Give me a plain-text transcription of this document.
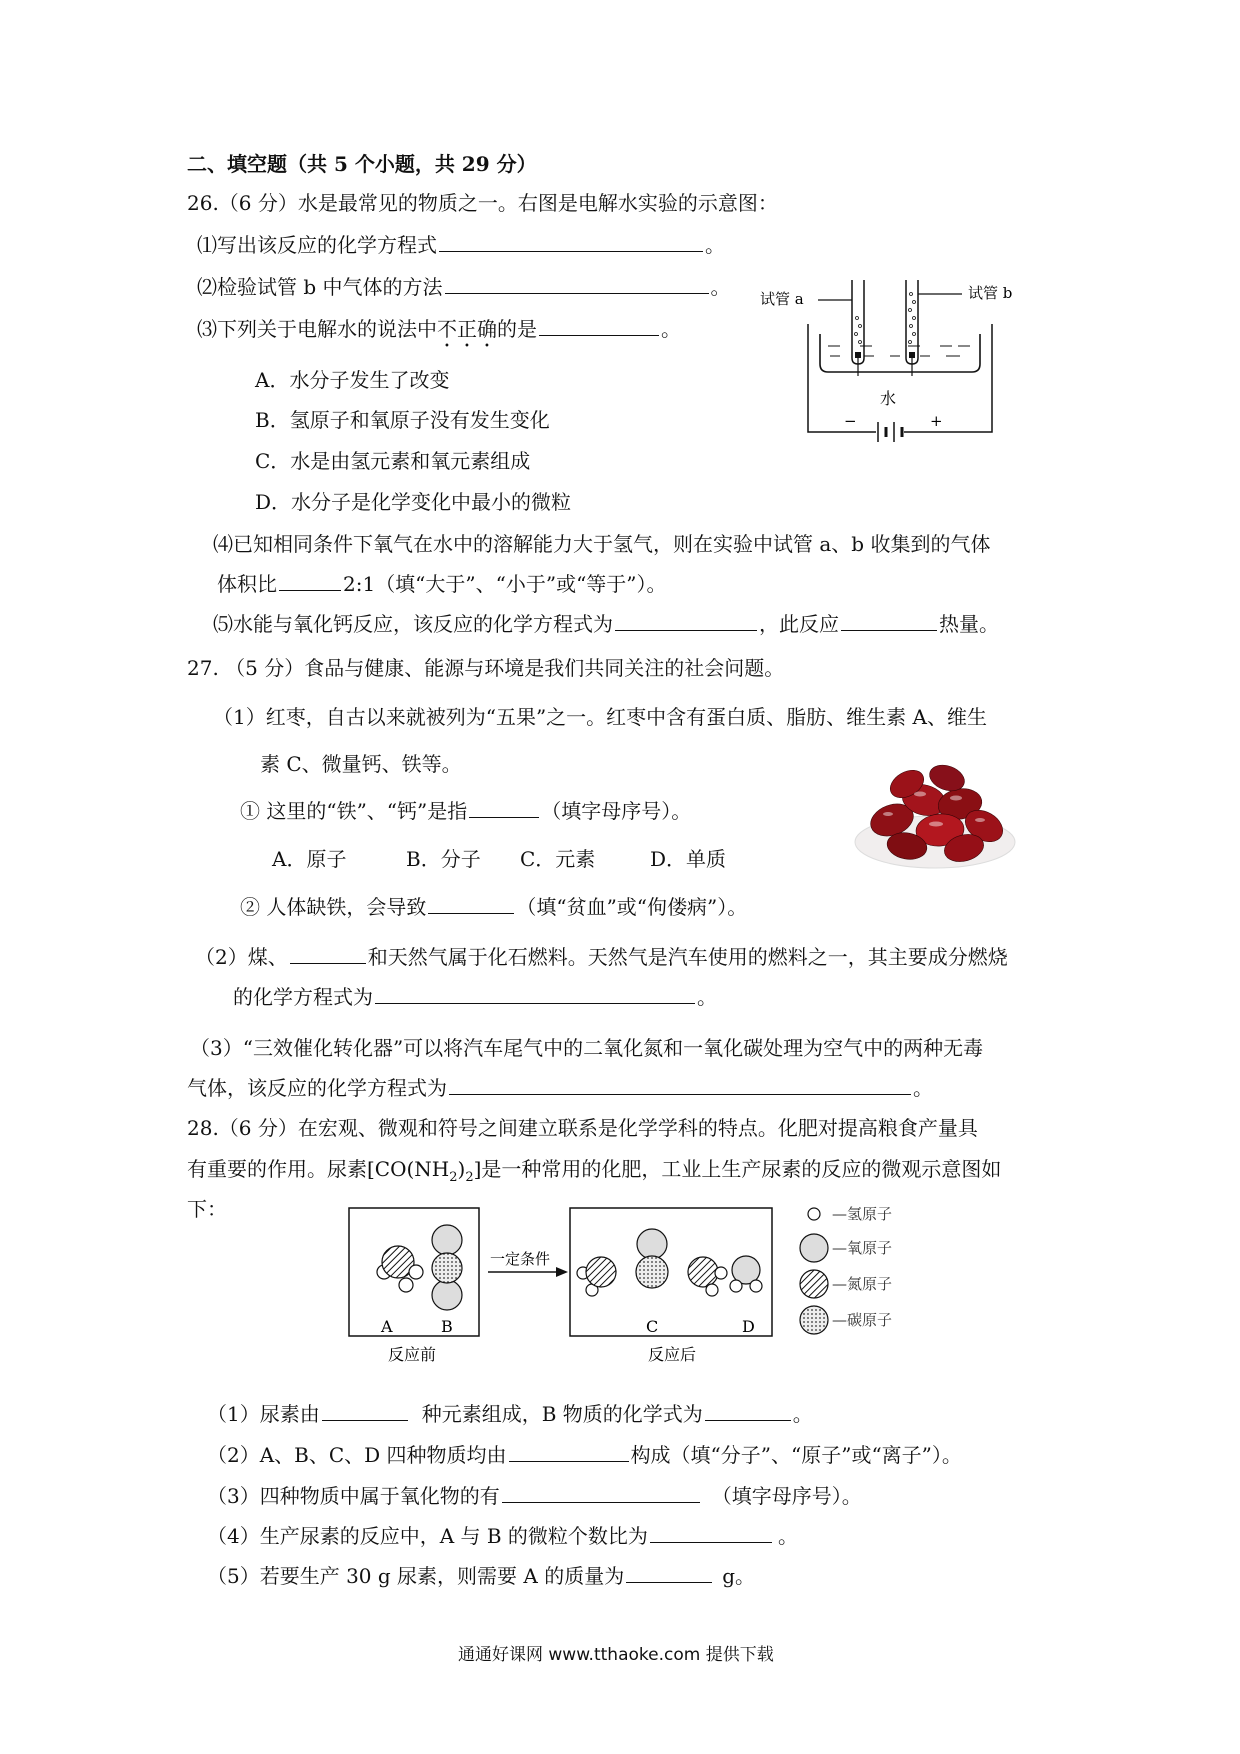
二、填空题（共 5 个小题，共 29 分）
26.（6 分）水是最常见的物质之一。右图是电解水实验的示意图：
⑴写出该反应的化学方程式	。
⑵检验试管 b 中气体的方法	。
⑶下列关于电解水的说法中不正确的是	。
A．水分子发生了改变
B．氢原子和氧原子没有发生变化
C．水是由氢元素和氧元素组成
D．水分子是化学变化中最小的微粒
⑷已知相同条件下氧气在水中的溶解能力大于氢气，则在实验中试管 a、b 收集到的气体
体积比	2:1（填“大于”、“小于”或“等于”）。
⑸水能与氧化钙反应，该反应的化学方程式为	，此反应	热量。
试管 a	试管 b
水
−	+
27. （5 分）食品与健康、能源与环境是我们共同关注的社会问题。
（1）红枣，自古以来就被列为“五果”之一。红枣中含有蛋白质、脂肪、维生素 A、维生
素 C、微量钙、铁等。
① 这里的“铁”、“钙”是指	（填字母序号）。
A．原子	B．分子 C．元素	D．单质
② 人体缺铁，会导致	（填“贫血”或“佝偻病”）。
（2）煤、	和天然气属于化石燃料。天然气是汽车使用的燃料之一，其主要成分燃烧
的化学方程式为	。
（3）“三效催化转化器”可以将汽车尾气中的二氧化氮和一氧化碳处理为空气中的两种无毒
气体，该反应的化学方程式为	。
28.（6 分）在宏观、微观和符号之间建立联系是化学学科的特点。化肥对提高粮食产量具
有重要的作用。尿素$[CO(NH_2)_2]$是一种常用的化肥，工业上生产尿素的反应的微观示意图如
下：
A	B
反应前
一定条件
C	D
反应后
—氢原子
—氧原子
—氮原子
—碳原子
（1）尿素由	种元素组成，B 物质的化学式为	。
（2）A、B、C、D 四种物质均由	构成（填“分子”、“原子”或“离子”）。
（3）四种物质中属于氧化物的有	（填字母序号）。
（4）生产尿素的反应中，A 与 B 的微粒个数比为	。
（5）若要生产 30 g 尿素，则需要 A 的质量为	g。
通通好课网 www.tthaoke.com 提供下载
